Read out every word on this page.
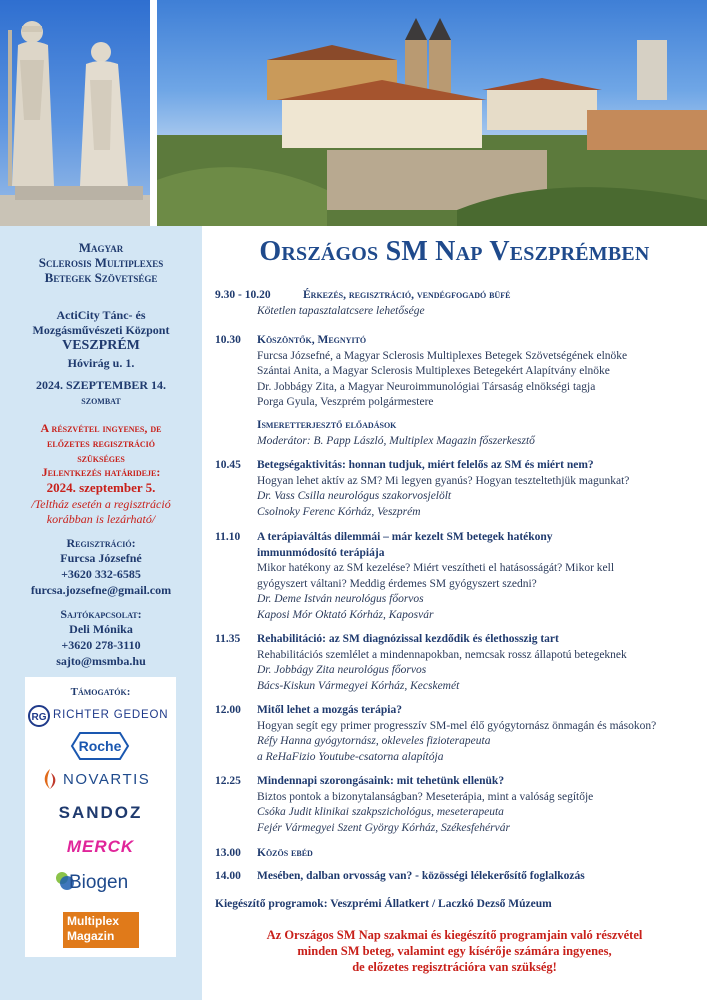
Magyar
Sclerosis Multiplexes
Betegek Szövetsége
ActiCity Tánc- és
Mozgásművészeti Központ
VESZPRÉM
Hóvirág u. 1.
2024. SZEPTEMBER 14.
szombat
A részvétel ingyenes, de
előzetes regisztráció
szükséges
Jelentkezés határideje:
2024. szeptember 5.
/Teltház esetén a regisztráció
korábban is lezárható/
Regisztráció:
Furcsa Józsefné
+3620 332-6585
furcsa.jozsefne@gmail.com
Sajtókapcsolat:
Deli Mónika
+3620 278-3110
sajto@msmba.hu
Támogatók:
RG RICHTER GEDEON
Roche
NOVARTIS
SANDOZ
MERCK
Biogen
Multiplex
Magazin
Országos SM Nap Veszprémben
9.30 - 10.20	Érkezés, regisztráció, vendégfogadó büfé
Kötetlen tapasztalatcsere lehetősége
10.30	Köszöntők, Megnyitó
Furcsa Józsefné, a Magyar Sclerosis Multiplexes Betegek Szövetségének elnöke
Szántai Anita, a Magyar Sclerosis Multiplexes Betegekért Alapítvány elnöke
Dr. Jobbágy Zita, a Magyar Neuroimmunológiai Társaság elnökségi tagja
Porga Gyula, Veszprém polgármestere
Ismeretterjesztő előadások
Moderátor: B. Papp László, Multiplex Magazin főszerkesztő
10.45	Betegségaktivitás: honnan tudjuk, miért felelős az SM és miért nem?
Hogyan lehet aktív az SM? Mi legyen gyanús? Hogyan teszteltethjük magunkat?
Dr. Vass Csilla neurológus szakorvosjelölt
Csolnoky Ferenc Kórház, Veszprém
11.10	A terápiaváltás dilemmái – már kezelt SM betegek hatékony
immunmódosító terápiája
Mikor hatékony az SM kezelése? Miért veszítheti el hatásosságát? Mikor kell
gyógyszert váltani? Meddig érdemes SM gyógyszert szedni?
Dr. Deme István neurológus főorvos
Kaposi Mór Oktató Kórház, Kaposvár
11.35	Rehabilitáció: az SM diagnózissal kezdődik és élethosszig tart
Rehabilitációs szemlélet a mindennapokban, nemcsak rossz állapotú betegeknek
Dr. Jobbágy Zita neurológus főorvos
Bács-Kiskun Vármegyei Kórház, Kecskemét
12.00	Mitől lehet a mozgás terápia?
Hogyan segít egy primer progresszív SM-mel élő gyógytornász önmagán és másokon?
Réfy Hanna gyógytornász, okleveles fizioterapeuta
a ReHaFizio Youtube-csatorna alapítója
12.25	Mindennapi szorongásaink: mit tehetünk ellenük?
Biztos pontok a bizonytalanságban? Meseterápia, mint a valóság segítője
Csóka Judit klinikai szakpszichológus, meseterapeuta
Fejér Vármegyei Szent György Kórház, Székesfehérvár
13.00	Közös ebéd
14.00	Mesében, dalban orvosság van? - közösségi lélekerősítő foglalkozás
Kiegészítő programok: Veszprémi Állatkert / Laczkó Dezső Múzeum
Az Országos SM Nap szakmai és kiegészítő programjain való részvétel
minden SM beteg, valamint egy kísérője számára ingyenes,
de előzetes regisztrációra van szükség!
